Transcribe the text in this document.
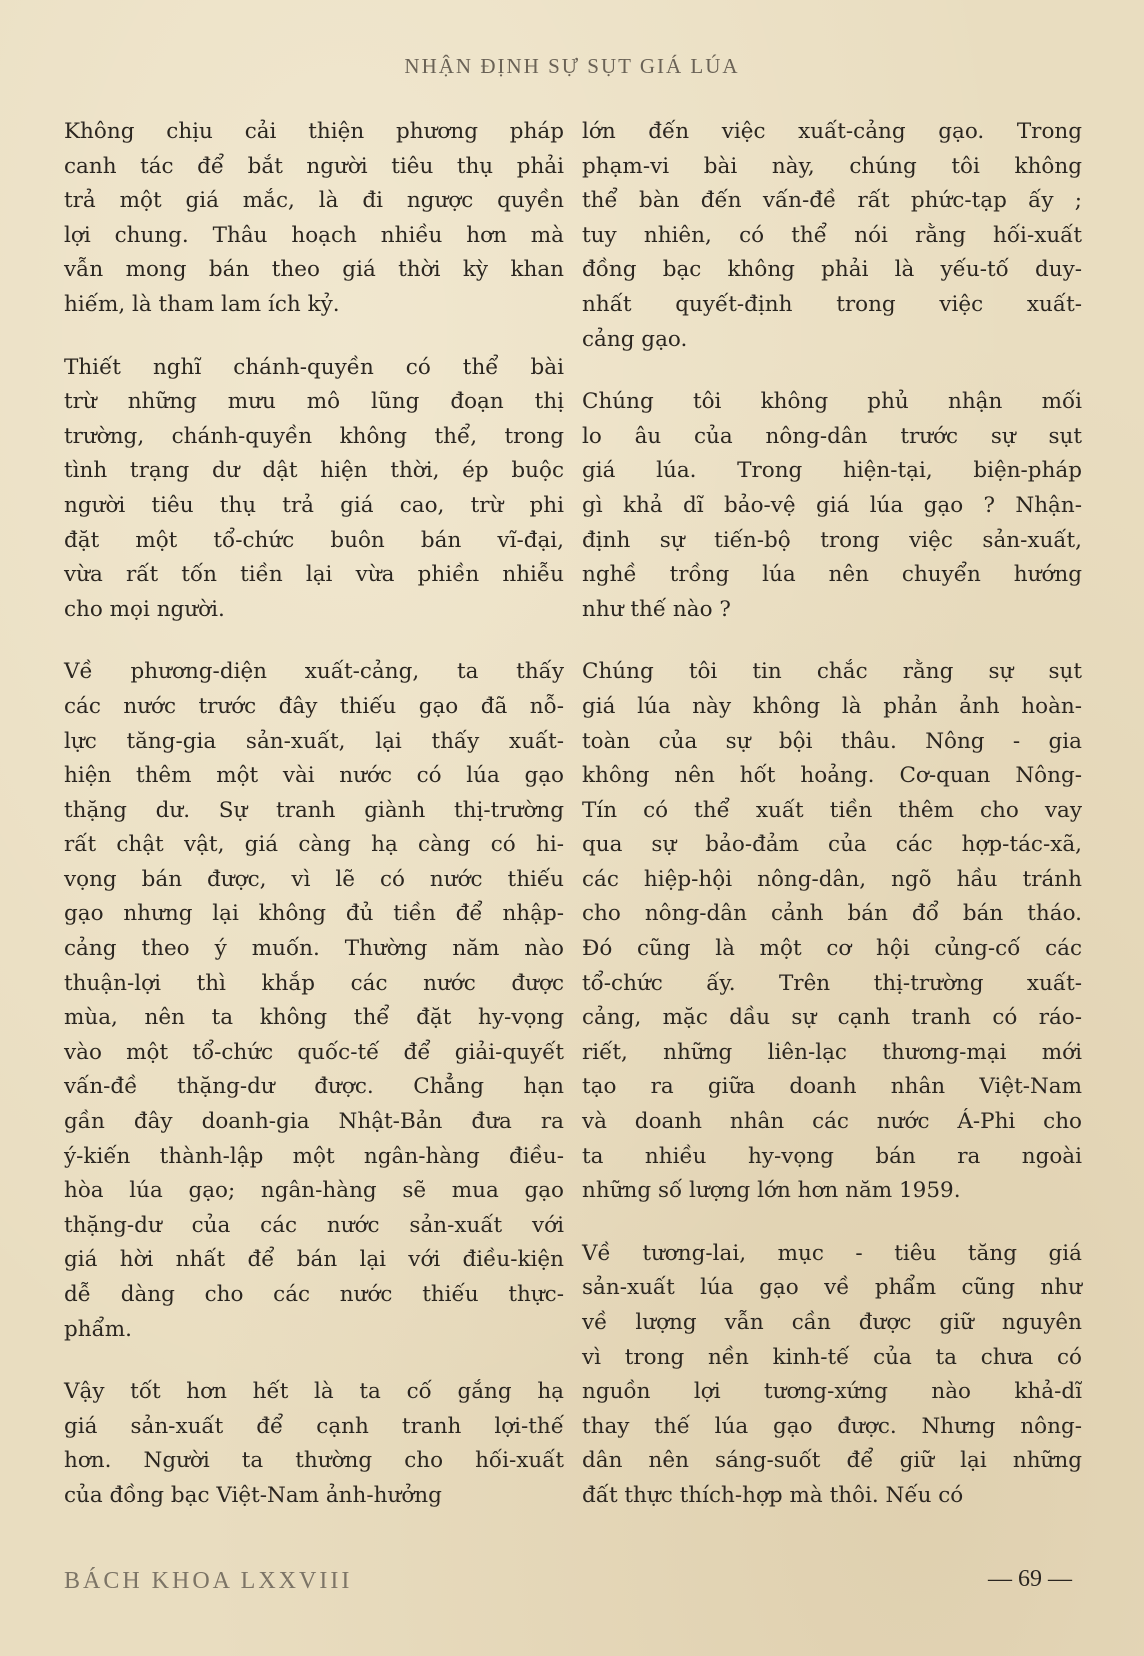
NHẬN ĐỊNH SỰ SỤT GIÁ LÚA
Không chịu cải thiện phương pháp
canh tác để bắt người tiêu thụ phải
trả một giá mắc, là đi ngược quyền
lợi chung. Thâu hoạch nhiều hơn mà
vẫn mong bán theo giá thời kỳ khan
hiếm, là tham lam ích kỷ.
Thiết nghĩ chánh-quyền có thể bài
trừ những mưu mô lũng đoạn thị
trường, chánh-quyền không thể, trong
tình trạng dư dật hiện thời, ép buộc
người tiêu thụ trả giá cao, trừ phi
đặt một tổ-chức buôn bán vĩ-đại,
vừa rất tốn tiền lại vừa phiền nhiễu
cho mọi người.
Về phương-diện xuất-cảng, ta thấy
các nước trước đây thiếu gạo đã nỗ-
lực tăng-gia sản-xuất, lại thấy xuất-
hiện thêm một vài nước có lúa gạo
thặng dư. Sự tranh giành thị-trường
rất chật vật, giá càng hạ càng có hi-
vọng bán được, vì lẽ có nước thiếu
gạo nhưng lại không đủ tiền để nhập-
cảng theo ý muốn. Thường năm nào
thuận-lợi thì khắp các nước được
mùa, nên ta không thể đặt hy-vọng
vào một tổ-chức quốc-tế để giải-quyết
vấn-đề thặng-dư được. Chẳng hạn
gần đây doanh-gia Nhật-Bản đưa ra
ý-kiến thành-lập một ngân-hàng điều-
hòa lúa gạo; ngân-hàng sẽ mua gạo
thặng-dư của các nước sản-xuất với
giá hời nhất để bán lại với điều-kiện
dễ dàng cho các nước thiếu thực-
phẩm.
Vậy tốt hơn hết là ta cố gắng hạ
giá sản-xuất để cạnh tranh lợi-thế
hơn. Người ta thường cho hối-xuất
của đồng bạc Việt-Nam ảnh-hưởng
lớn đến việc xuất-cảng gạo. Trong
phạm-vi bài này, chúng tôi không
thể bàn đến vấn-đề rất phức-tạp ấy ;
tuy nhiên, có thể nói rằng hối-xuất
đồng bạc không phải là yếu-tố duy-
nhất quyết-định trong việc xuất-
cảng gạo.
Chúng tôi không phủ nhận mối
lo âu của nông-dân trước sự sụt
giá lúa. Trong hiện-tại, biện-pháp
gì khả dĩ bảo-vệ giá lúa gạo ? Nhận-
định sự tiến-bộ trong việc sản-xuất,
nghề trồng lúa nên chuyển hướng
như thế nào ?
Chúng tôi tin chắc rằng sự sụt
giá lúa này không là phản ảnh hoàn-
toàn của sự bội thâu. Nông - gia
không nên hốt hoảng. Cơ-quan Nông-
Tín có thể xuất tiền thêm cho vay
qua sự bảo-đảm của các hợp-tác-xã,
các hiệp-hội nông-dân, ngõ hầu tránh
cho nông-dân cảnh bán đổ bán tháo.
Đó cũng là một cơ hội củng-cố các
tổ-chức ấy. Trên thị-trường xuất-
cảng, mặc dầu sự cạnh tranh có ráo-
riết, những liên-lạc thương-mại mới
tạo ra giữa doanh nhân Việt-Nam
và doanh nhân các nước Á-Phi cho
ta nhiều hy-vọng bán ra ngoài
những số lượng lớn hơn năm 1959.
Về tương-lai, mục - tiêu tăng giá
sản-xuất lúa gạo về phẩm cũng như
về lượng vẫn cần được giữ nguyên
vì trong nền kinh-tế của ta chưa có
nguồn lợi tương-xứng nào khả-dĩ
thay thế lúa gạo được. Nhưng nông-
dân nên sáng-suốt để giữ lại những
đất thực thích-hợp mà thôi. Nếu có
BÁCH KHOA LXXVIII	— 69 —
